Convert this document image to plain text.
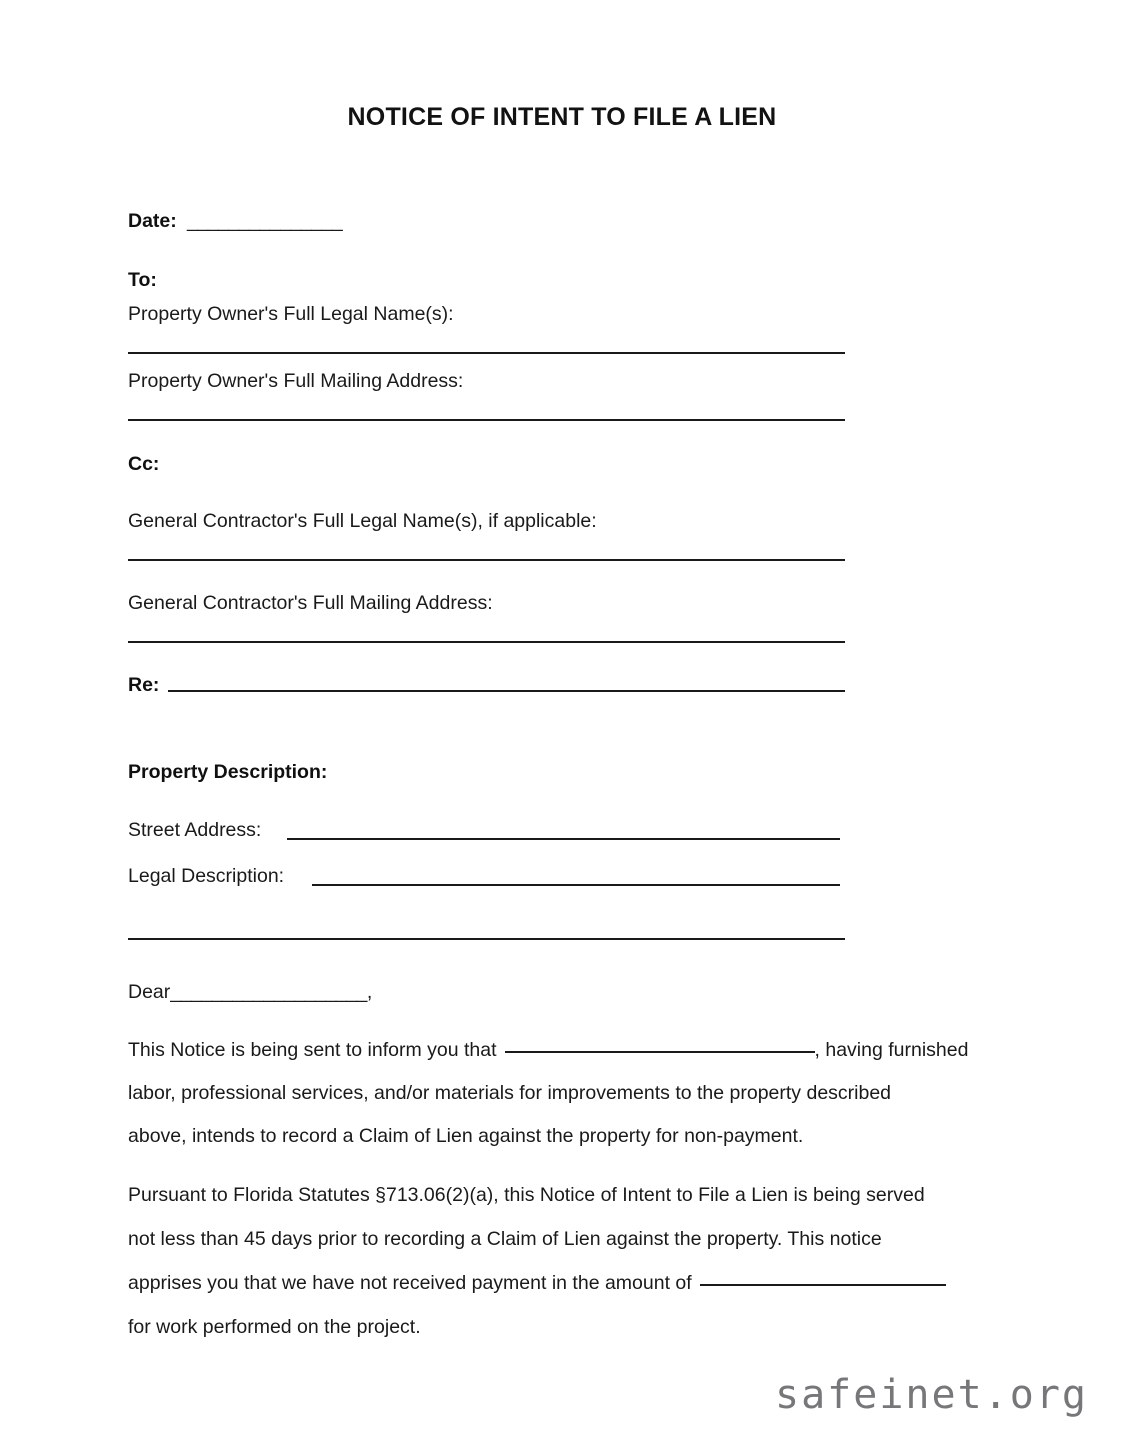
NOTICE OF INTENT TO FILE A LIEN
Date: _______________
To:
Property Owner's Full Legal Name(s):
Property Owner's Full Mailing Address:
Cc:
General Contractor's Full Legal Name(s), if applicable:
General Contractor's Full Mailing Address:
Re:
Property Description:
Street Address:
Legal Description:
Dear___________________,
This Notice is being sent to inform you that	, having furnished
labor, professional services, and/or materials for improvements to the property described
above, intends to record a Claim of Lien against the property for non-payment.
Pursuant to Florida Statutes §713.06(2)(a), this Notice of Intent to File a Lien is being served
not less than 45 days prior to recording a Claim of Lien against the property. This notice
apprises you that we have not received payment in the amount of
for work performed on the project.
safeinet.org
